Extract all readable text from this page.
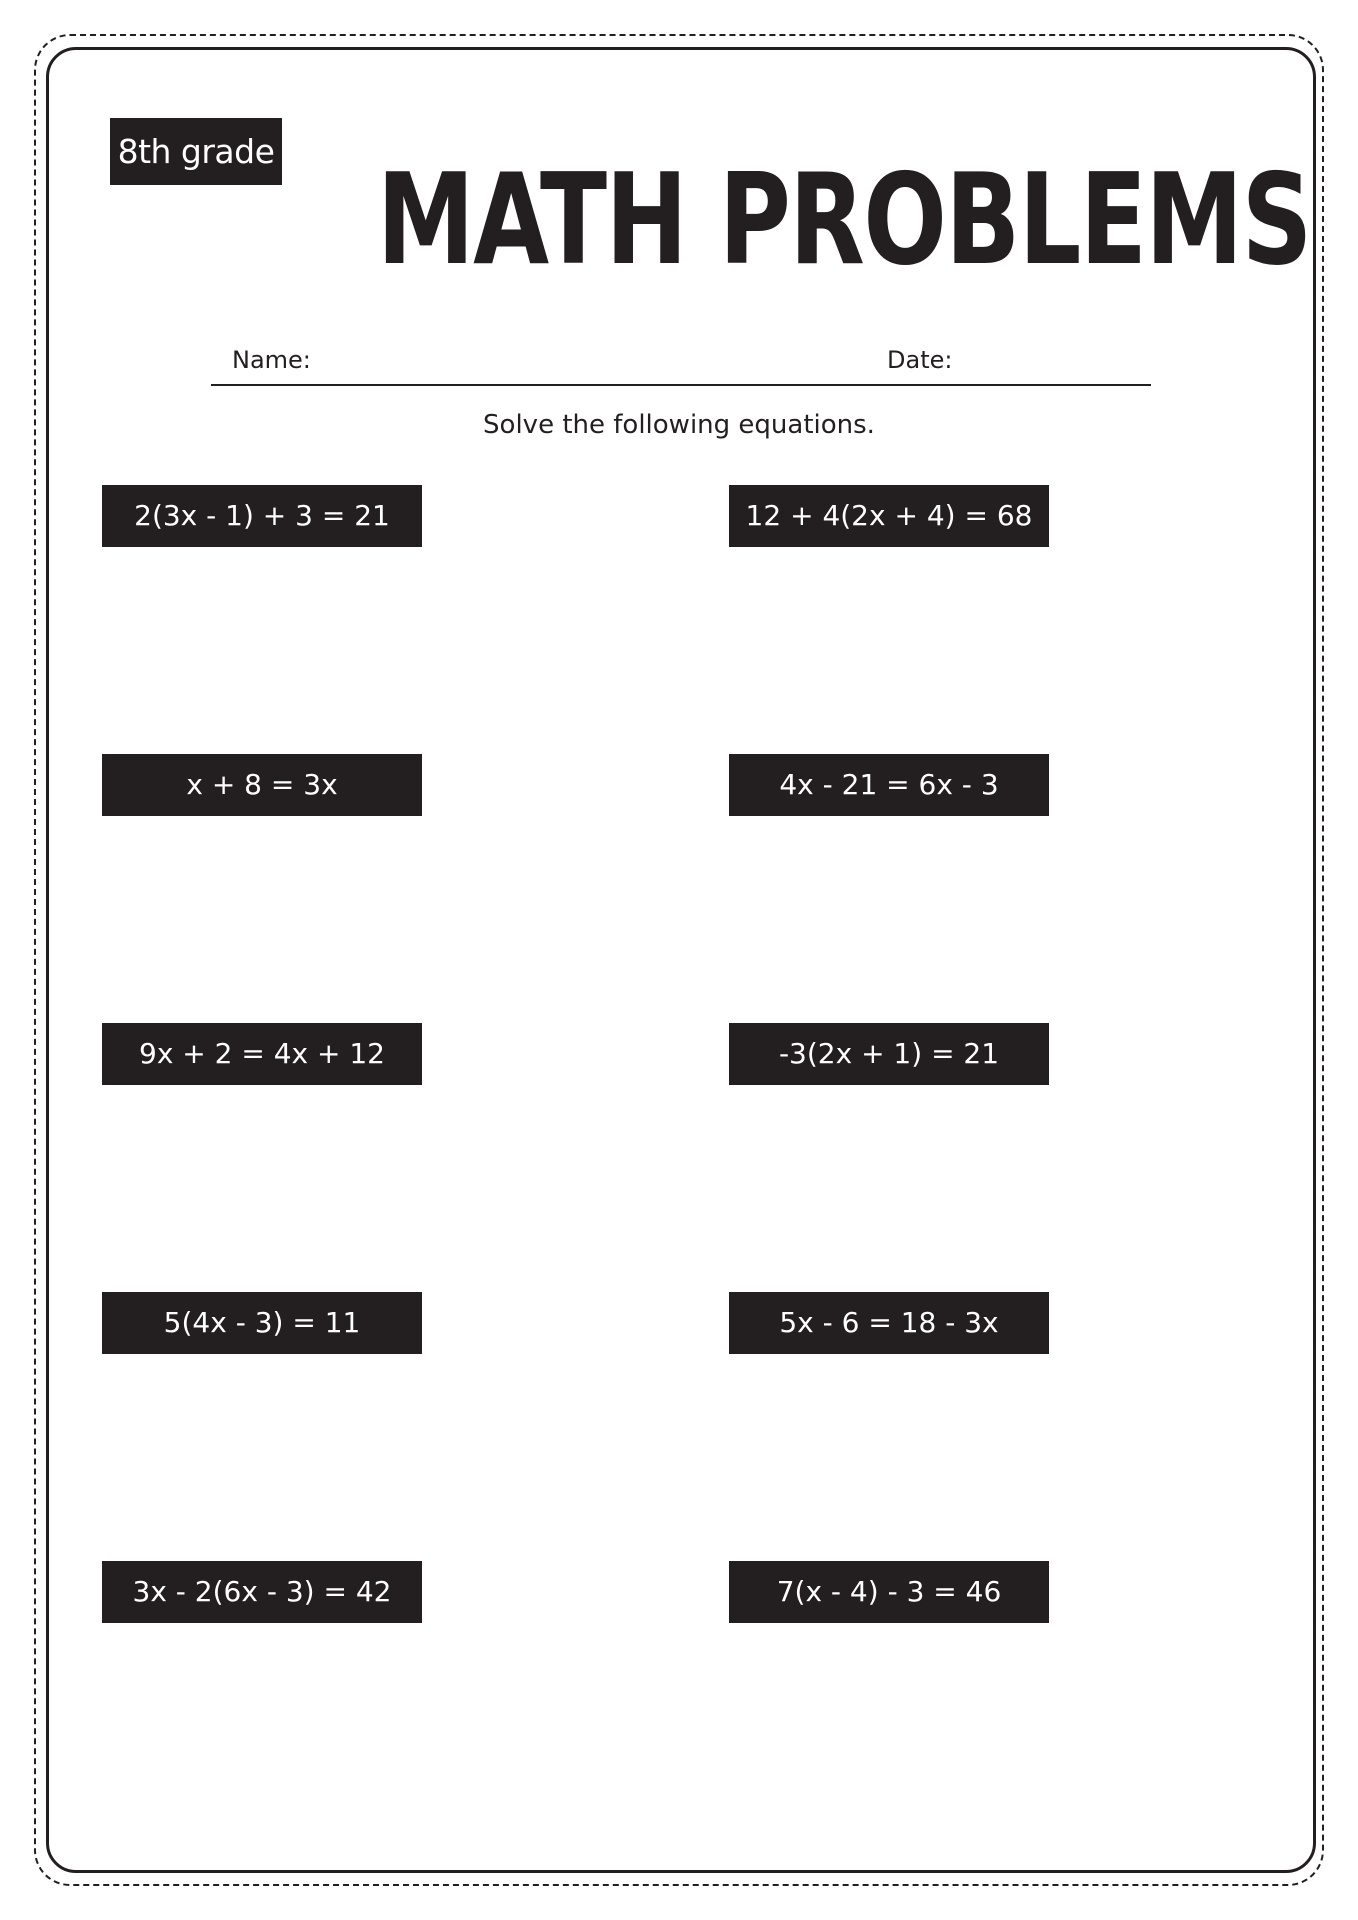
8th grade MATH PROBLEMS
Name:	Date:
Solve the following equations.
2(3x - 1) + 3 = 21	12 + 4(2x + 4) = 68
x + 8 = 3x	4x - 21 = 6x - 3
9x + 2 = 4x + 12	-3(2x + 1) = 21
5(4x - 3) = 11	5x - 6 = 18 - 3x
3x - 2(6x - 3) = 42	7(x - 4) - 3 = 46
